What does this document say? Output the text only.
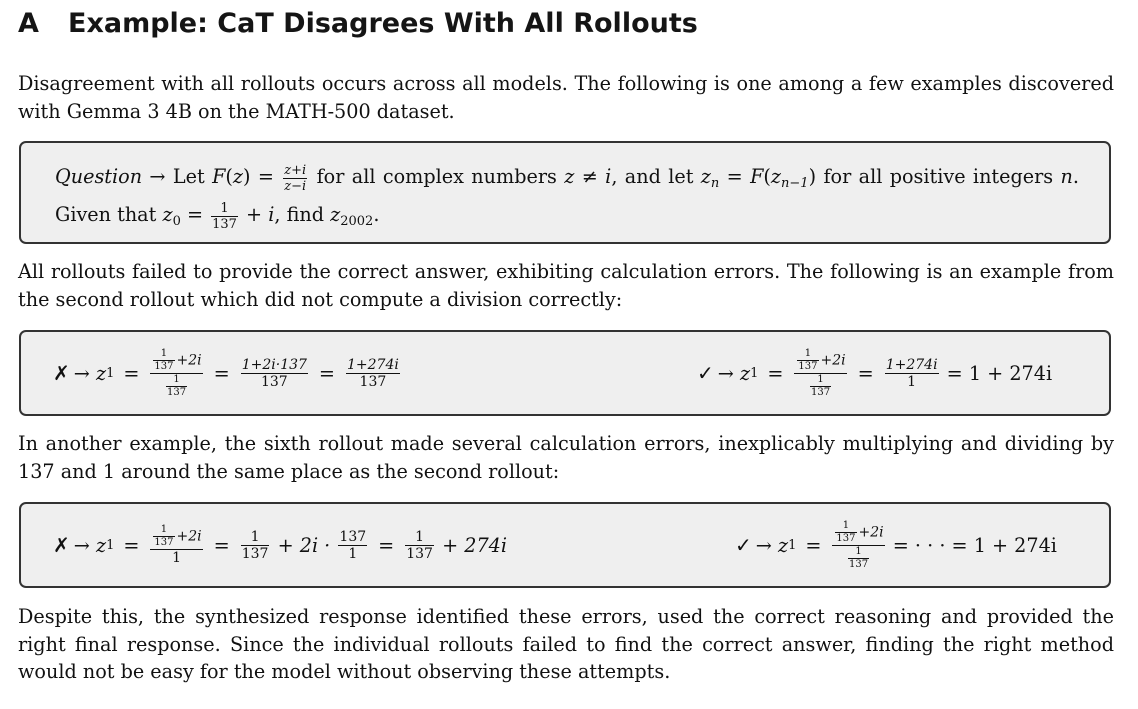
A Example: CaT Disagrees With All Rollouts
Disagreement with all rollouts occurs across all models. The following is one among a few examples discovered with Gemma 3 4B on the MATH-500 dataset.
Question → Let $F(z) = \frac{z+i}{z-i}$ for all complex numbers z ≠ i, and let $z_n = F(z_{n-1})$ for all positive integers n. Given that $z_0 = \frac{1}{137} + i$, find $z_{2002}$.
All rollouts failed to provide the correct answer, exhibiting calculation errors. The following is an example from the second rollout which did not compute a division correctly:
✗ →
z $1 = \frac{\frac{1}{137} +2i}{\frac{1}{137}} = \frac{1+2i\cdot 137}{137} = \frac{1+274i}{137}$	✓ →
z $1 = \frac{\frac{1}{137} +2i}{\frac{1}{137}} = \frac{1+274i}{1}$
= 1 + 274i
In another example, the sixth rollout made several calculation errors, inexplicably multiplying and dividing by 137 and 1 around the same place as the second rollout:
✗ →
z $1 = \frac{\frac{1}{137} +2i}{1} = \frac{1}{137}$
+ 2i ·
$\frac{137}{1} = \frac{1}{137}$
+ 274i	✓ →
z $1 = \frac{\frac{1}{137} +2i}{\frac{1}{137}}$
= · · · = 1 + 274i
Despite this, the synthesized response identified these errors, used the correct reasoning and provided the right final response. Since the individual rollouts failed to find the correct answer, finding the right method would not be easy for the model without observing these attempts.
